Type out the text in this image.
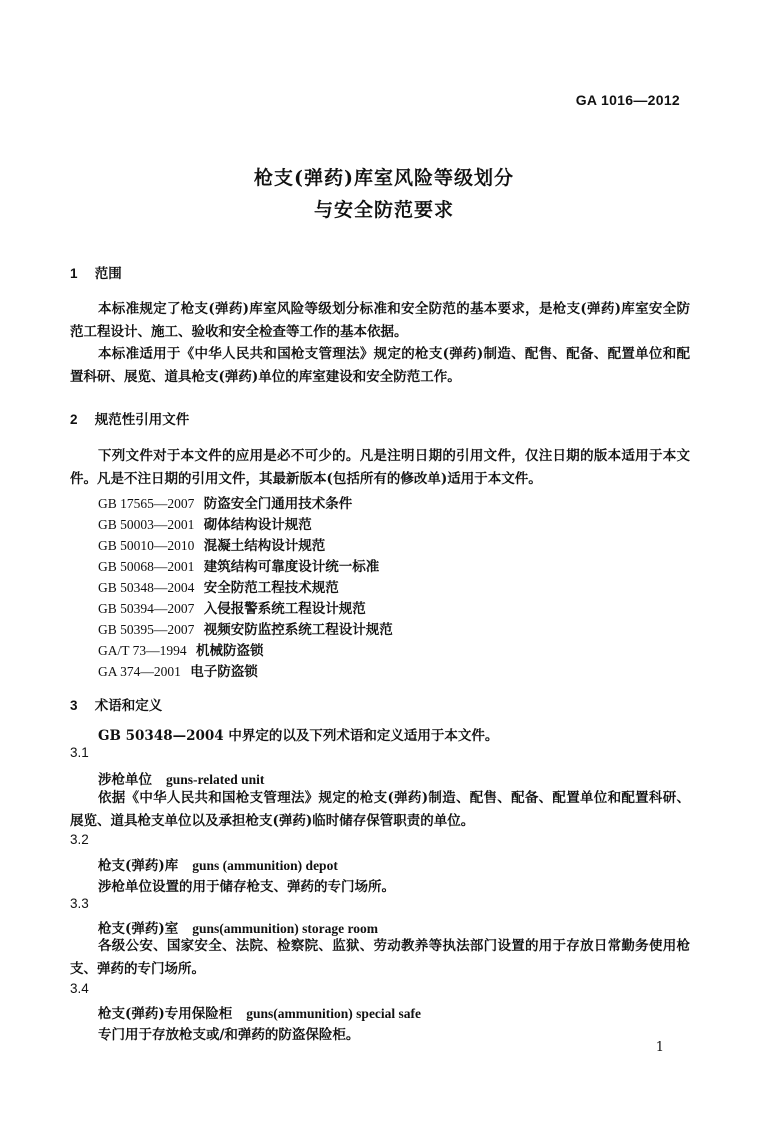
GA 1016—2012
枪支(弹药)库室风险等级划分
与安全防范要求
1 范围
本标准规定了枪支(弹药)库室风险等级划分标准和安全防范的基本要求，是枪支(弹药)库室安全防范工程设计、施工、验收和安全检查等工作的基本依据。
本标准适用于《中华人民共和国枪支管理法》规定的枪支(弹药)制造、配售、配备、配置单位和配置科研、展览、道具枪支(弹药)单位的库室建设和安全防范工作。
2 规范性引用文件
下列文件对于本文件的应用是必不可少的。凡是注明日期的引用文件，仅注日期的版本适用于本文件。凡是不注日期的引用文件，其最新版本(包括所有的修改单)适用于本文件。
GB 17565—2007 防盗安全门通用技术条件
GB 50003—2001 砌体结构设计规范
GB 50010—2010 混凝土结构设计规范
GB 50068—2001 建筑结构可靠度设计统一标准
GB 50348—2004 安全防范工程技术规范
GB 50394—2007 入侵报警系统工程设计规范
GB 50395—2007 视频安防监控系统工程设计规范
GA/T 73—1994 机械防盗锁
GA 374—2001 电子防盗锁
3 术语和定义
GB 50348—2004 中界定的以及下列术语和定义适用于本文件。
3.1
涉枪单位 guns-related unit
依据《中华人民共和国枪支管理法》规定的枪支(弹药)制造、配售、配备、配置单位和配置科研、展览、道具枪支单位以及承担枪支(弹药)临时储存保管职责的单位。
3.2
枪支(弹药)库 guns (ammunition) depot
涉枪单位设置的用于储存枪支、弹药的专门场所。
3.3
枪支(弹药)室 guns(ammunition) storage room
各级公安、国家安全、法院、检察院、监狱、劳动教养等执法部门设置的用于存放日常勤务使用枪支、弹药的专门场所。
3.4
枪支(弹药)专用保险柜 guns(ammunition) special safe
专门用于存放枪支或/和弹药的防盗保险柜。
1
